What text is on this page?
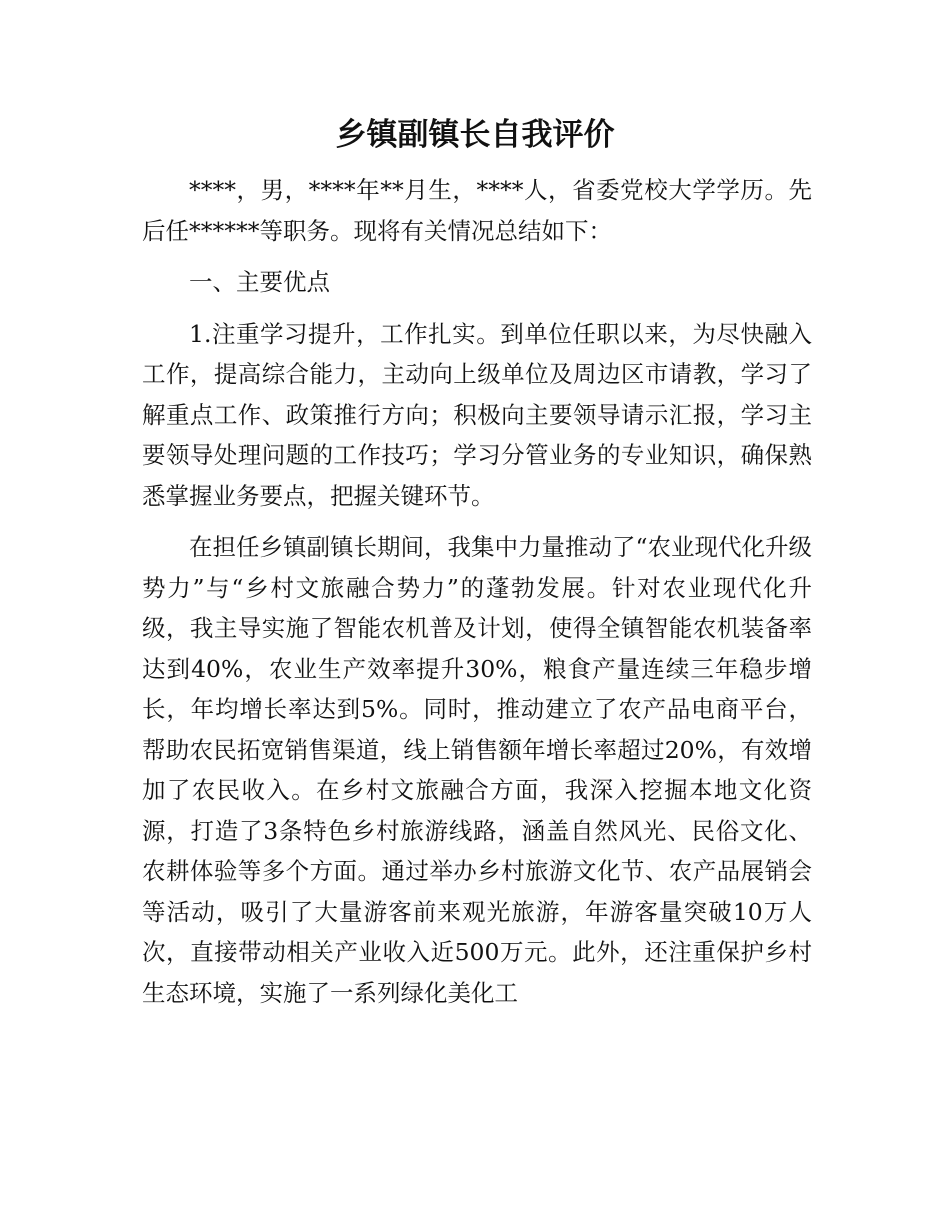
乡镇副镇长自我评价

****，男，****年**月生，****人，省委党校大学学历。先后任******等职务。现将有关情况总结如下：

一、主要优点

1.注重学习提升，工作扎实。到单位任职以来，为尽快融入工作，提高综合能力，主动向上级单位及周边区市请教，学习了解重点工作、政策推行方向；积极向主要领导请示汇报，学习主要领导处理问题的工作技巧；学习分管业务的专业知识，确保熟悉掌握业务要点，把握关键环节。

在担任乡镇副镇长期间，我集中力量推动了“农业现代化升级势力”与“乡村文旅融合势力”的蓬勃发展。针对农业现代化升级，我主导实施了智能农机普及计划，使得全镇智能农机装备率达到40%，农业生产效率提升30%，粮食产量连续三年稳步增长，年均增长率达到5%。同时，推动建立了农产品电商平台，帮助农民拓宽销售渠道，线上销售额年增长率超过20%，有效增加了农民收入。在乡村文旅融合方面，我深入挖掘本地文化资源，打造了3条特色乡村旅游线路，涵盖自然风光、民俗文化、农耕体验等多个方面。通过举办乡村旅游文化节、农产品展销会等活动，吸引了大量游客前来观光旅游，年游客量突破10万人次，直接带动相关产业收入近500万元。此外，还注重保护乡村生态环境，实施了一系列绿化美化工
